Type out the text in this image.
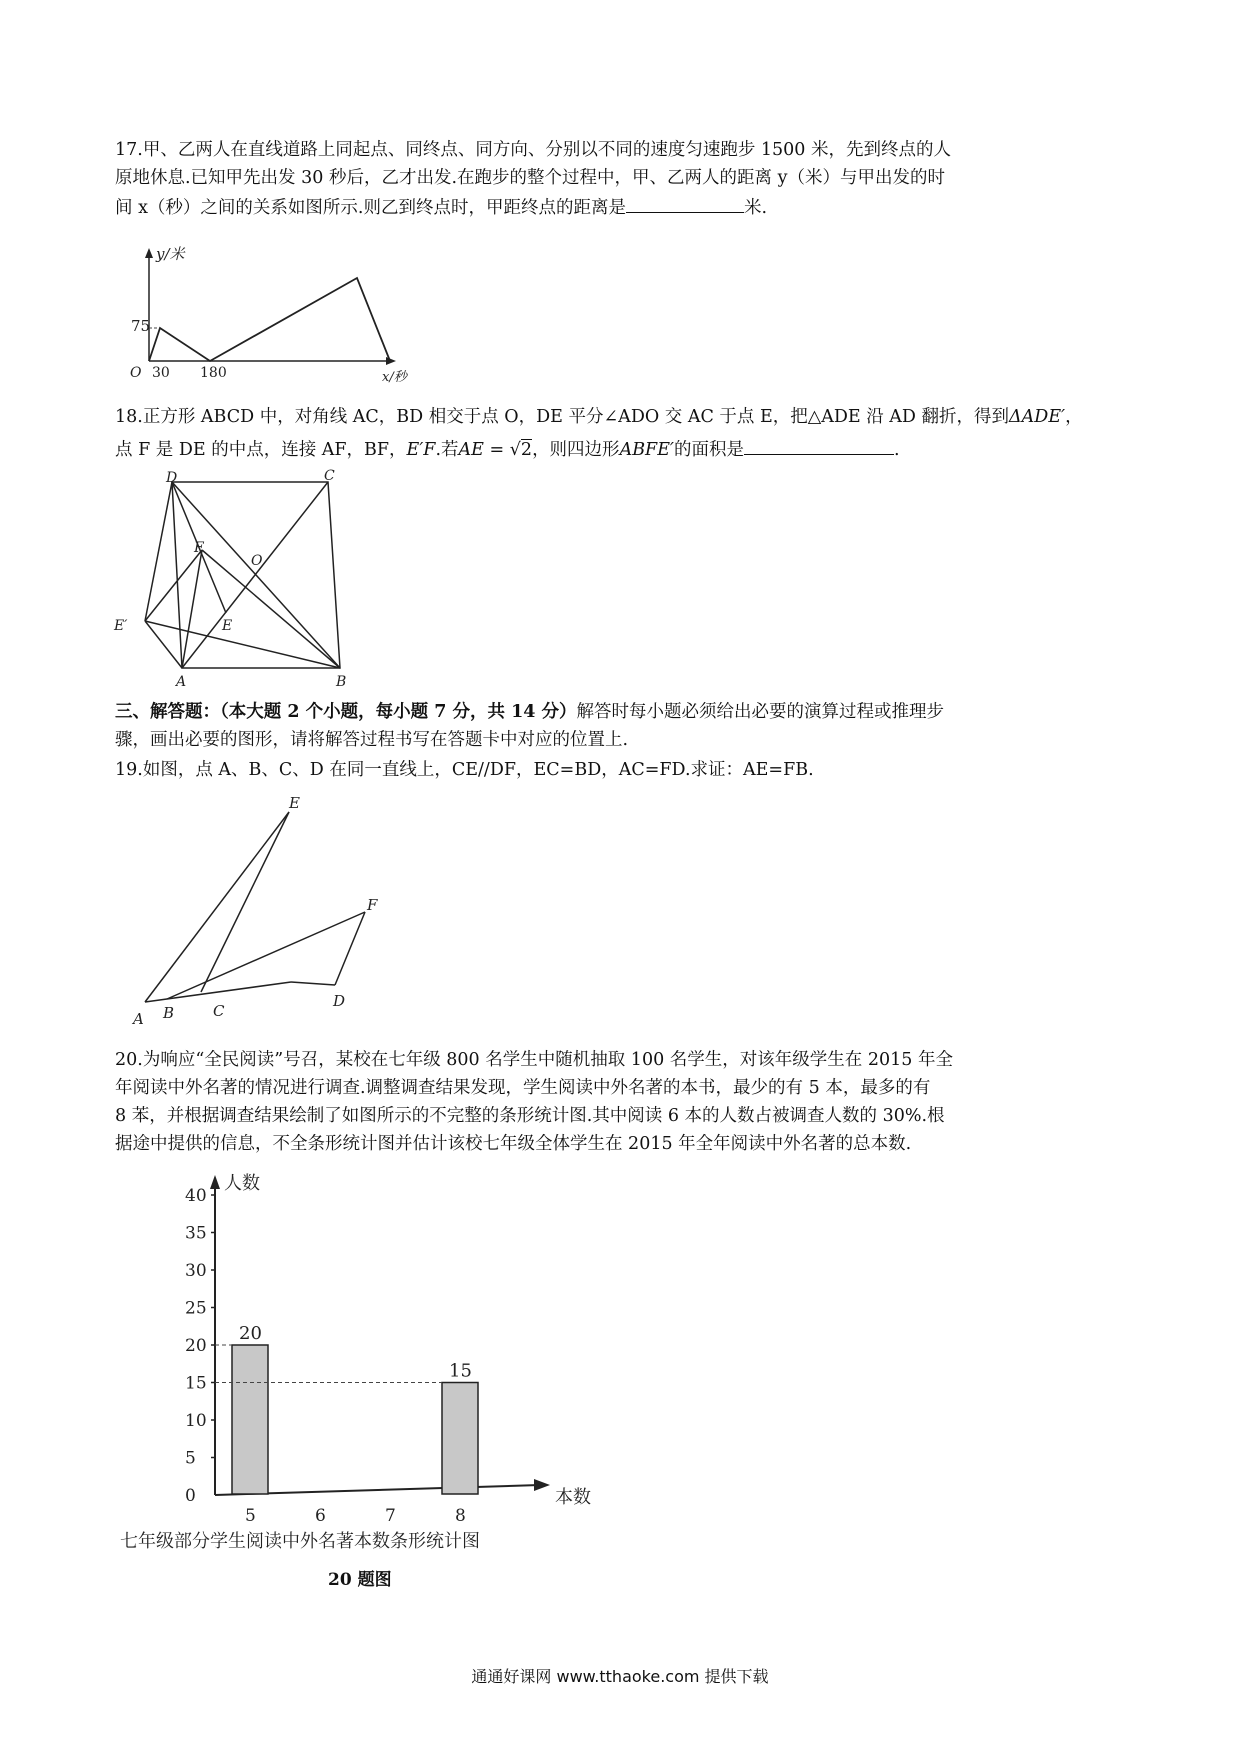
17.甲、乙两人在直线道路上同起点、同终点、同方向、分别以不同的速度匀速跑步 1500 米，先到终点的人
原地休息.已知甲先出发 30 秒后，乙才出发.在跑步的整个过程中，甲、乙两人的距离 y（米）与甲出发的时
间 x（秒）之间的关系如图所示.则乙到终点时，甲距终点的距离是	米.
y/米
x/秒
75
O 30 180
18.正方形 ABCD 中，对角线 AC，BD 相交于点 O，DE 平分∠ADO 交 AC 于点 E，把△ADE 沿 AD 翻折，得到ΔADE′，
点 F 是 DE 的中点，连接 AF，BF，E′F.若AE = √2，则四边形ABFE′的面积是	.
D	C
F
O
E′	E
A	B
三、解答题：（本大题 2 个小题，每小题 7 分，共 14 分）解答时每小题必须给出必要的演算过程或推理步
骤，画出必要的图形，请将解答过程书写在答题卡中对应的位置上.
19.如图，点 A、B、C、D 在同一直线上，CE//DF，EC=BD，AC=FD.求证：AE=FB.
E
F
A B	C
D
20.为响应“全民阅读”号召，某校在七年级 800 名学生中随机抽取 100 名学生，对该年级学生在 2015 年全
年阅读中外名著的情况进行调查.调整调查结果发现，学生阅读中外名著的本书，最少的有 5 本，最多的有
8 苯，并根据调查结果绘制了如图所示的不完整的条形统计图.其中阅读 6 本的人数占被调查人数的 30%.根
据途中提供的信息，不全条形统计图并估计该校七年级全体学生在 2015 年全年阅读中外名著的总本数.
人数
本数
0
5
10
15
20
25
30
35
40
5
20
6	7	8
15
七年级部分学生阅读中外名著本数条形统计图
20 题图
通通好课网 www.tthaoke.com 提供下载
